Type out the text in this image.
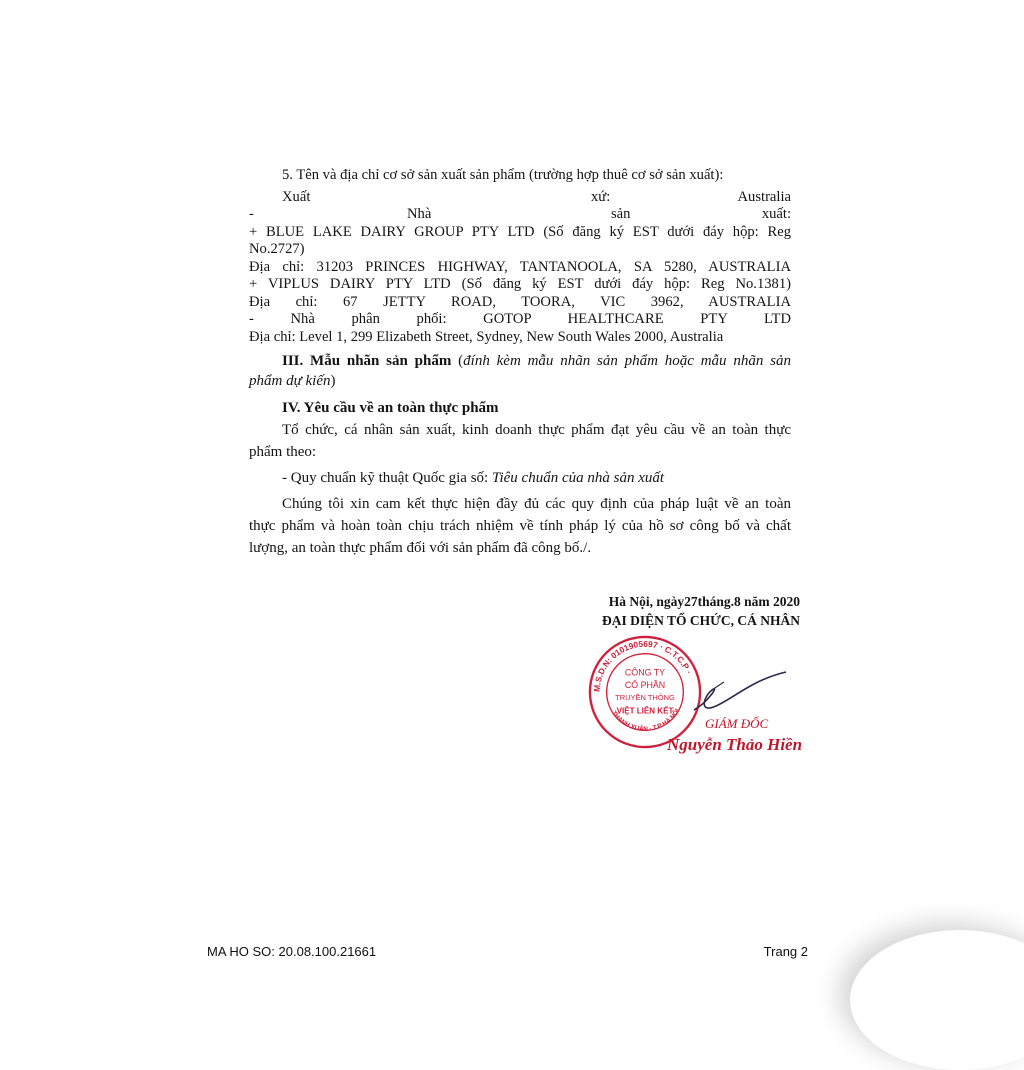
5. Tên và địa chỉ cơ sở sản xuất sản phẩm (trường hợp thuê cơ sở sản xuất):
Xuất	xứ:	Australia
-	Nhà	sản	xuất:
+ BLUE LAKE DAIRY GROUP PTY LTD (Số đăng ký EST dưới đáy hộp: Reg
No.2727)
Địa chỉ: 31203 PRINCES HIGHWAY, TANTANOOLA, SA 5280, AUSTRALIA
+ VIPLUS DAIRY PTY LTD (Số đăng ký EST dưới đáy hộp: Reg No.1381)
Địa chỉ: 67 JETTY ROAD, TOORA, VIC 3962, AUSTRALIA
- Nhà phân phối: GOTOP HEALTHCARE PTY LTD
Địa chỉ: Level 1, 299 Elizabeth Street, Sydney, New South Wales 2000, Australia
III. Mẫu nhãn sản phẩm (đính kèm mẫu nhãn sản phẩm hoặc mẫu nhãn sản
phẩm dự kiến)
IV. Yêu cầu về an toàn thực phẩm
Tổ chức, cá nhân sản xuất, kinh doanh thực phẩm đạt yêu cầu về an toàn thực
phẩm theo:
- Quy chuẩn kỹ thuật Quốc gia số: Tiêu chuẩn của nhà sản xuất
Chúng tôi xin cam kết thực hiện đầy đủ các quy định của pháp luật về an toàn
thực phẩm và hoàn toàn chịu trách nhiệm về tính pháp lý của hồ sơ công bố và chất
lượng, an toàn thực phẩm đối với sản phẩm đã công bố./.
Hà Nội, ngày27tháng.8 năm 2020
ĐẠI DIỆN TỔ CHỨC, CÁ NHÂN
M.S.D.N: 0101905697 · C.T.C.P ·
THANH XUÂN · T.P HÀ NỘI
CÔNG TY
CỔ PHẦN
TRUYỀN THÔNG
VIỆT LIÊN KẾT
GIÁM ĐỐC
Nguyễn Thảo Hiền
MA HO SO: 20.08.100.21661	Trang 2
